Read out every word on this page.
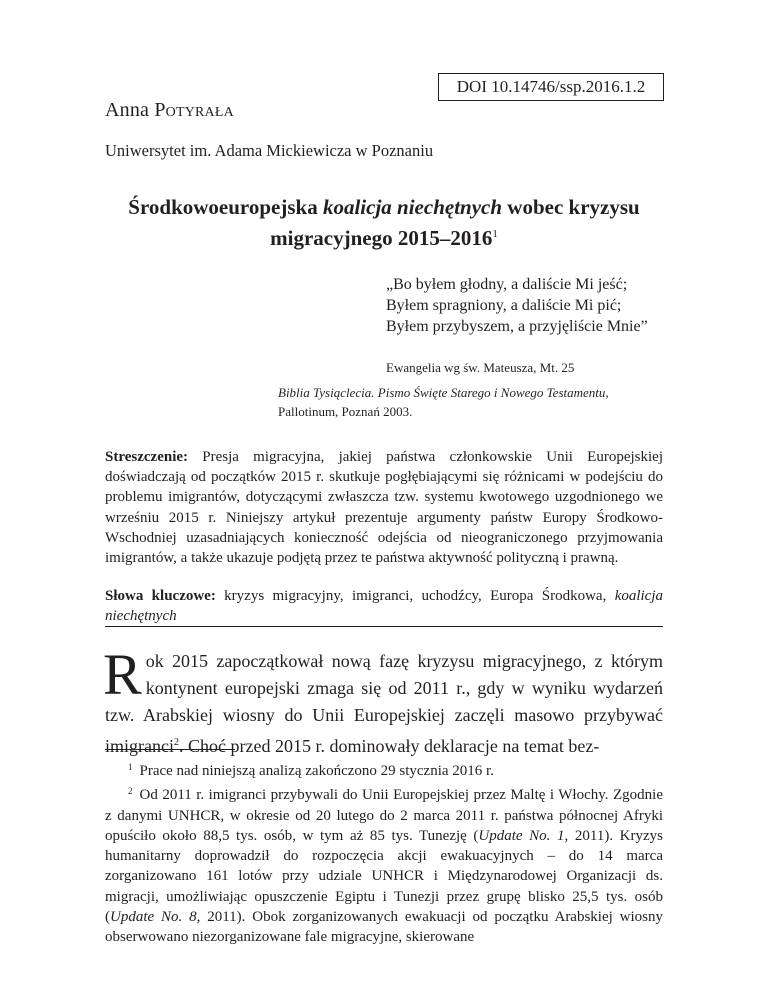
DOI 10.14746/ssp.2016.1.2
Anna Potyrała
Uniwersytet im. Adama Mickiewicza w Poznaniu
Środkowoeuropejska koalicja niechętnych wobec kryzysu migracyjnego 2015–2016$^1$

„Bo byłem głodny, a daliście Mi jeść;

Byłem spragniony, a daliście Mi pić;

Byłem przybyszem, a przyjęliście Mnie”

Ewangelia wg św. Mateusza, Mt. 25
Biblia Tysiąclecia. Pismo Święte Starego i Nowego Testamentu, Pallotinum, Poznań 2003.
Streszczenie: Presja migracyjna, jakiej państwa członkowskie Unii Europejskiej doświadczają od początków 2015 r. skutkuje pogłębiającymi się różnicami w podejściu do problemu imigrantów, dotyczącymi zwłaszcza tzw. systemu kwotowego uzgodnionego we wrześniu 2015 r. Niniejszy artykuł prezentuje argumenty państw Europy Środkowo-Wschodniej uzasadniających konieczność odejścia od nieograniczonego przyjmowania imigrantów, a także ukazuje podjętą przez te państwa aktywność polityczną i prawną.
Słowa kluczowe: kryzys migracyjny, imigranci, uchodźcy, Europa Środkowa, koalicja niechętnych
Rok 2015 zapoczątkował nową fazę kryzysu migracyjnego, z którym kontynent europejski zmaga się od 2011 r., gdy w wyniku wydarzeń tzw. Arabskiej wiosny do Unii Europejskiej zaczęli masowo przybywać imigranci$^2$. Choć przed 2015 r. dominowały deklaracje na temat bez-

$^1$ Prace nad niniejszą analizą zakończono 29 stycznia 2016 r.

$^2$ Od 2011 r. imigranci przybywali do Unii Europejskiej przez Maltę i Włochy. Zgodnie z danymi UNHCR, w okresie od 20 lutego do 2 marca 2011 r. państwa północnej Afryki opuściło około 88,5 tys. osób, w tym aż 85 tys. Tunezję (Update No. 1, 2011). Kryzys humanitarny doprowadził do rozpoczęcia akcji ewakuacyjnych – do 14 marca zorganizowano 161 lotów przy udziale UNHCR i Międzynarodowej Organizacji ds. migracji, umożliwiając opuszczenie Egiptu i Tunezji przez grupę blisko 25,5 tys. osób (Update No. 8, 2011). Obok zorganizowanych ewakuacji od początku Arabskiej wiosny obserwowano niezorganizowane fale migracyjne, skierowane
